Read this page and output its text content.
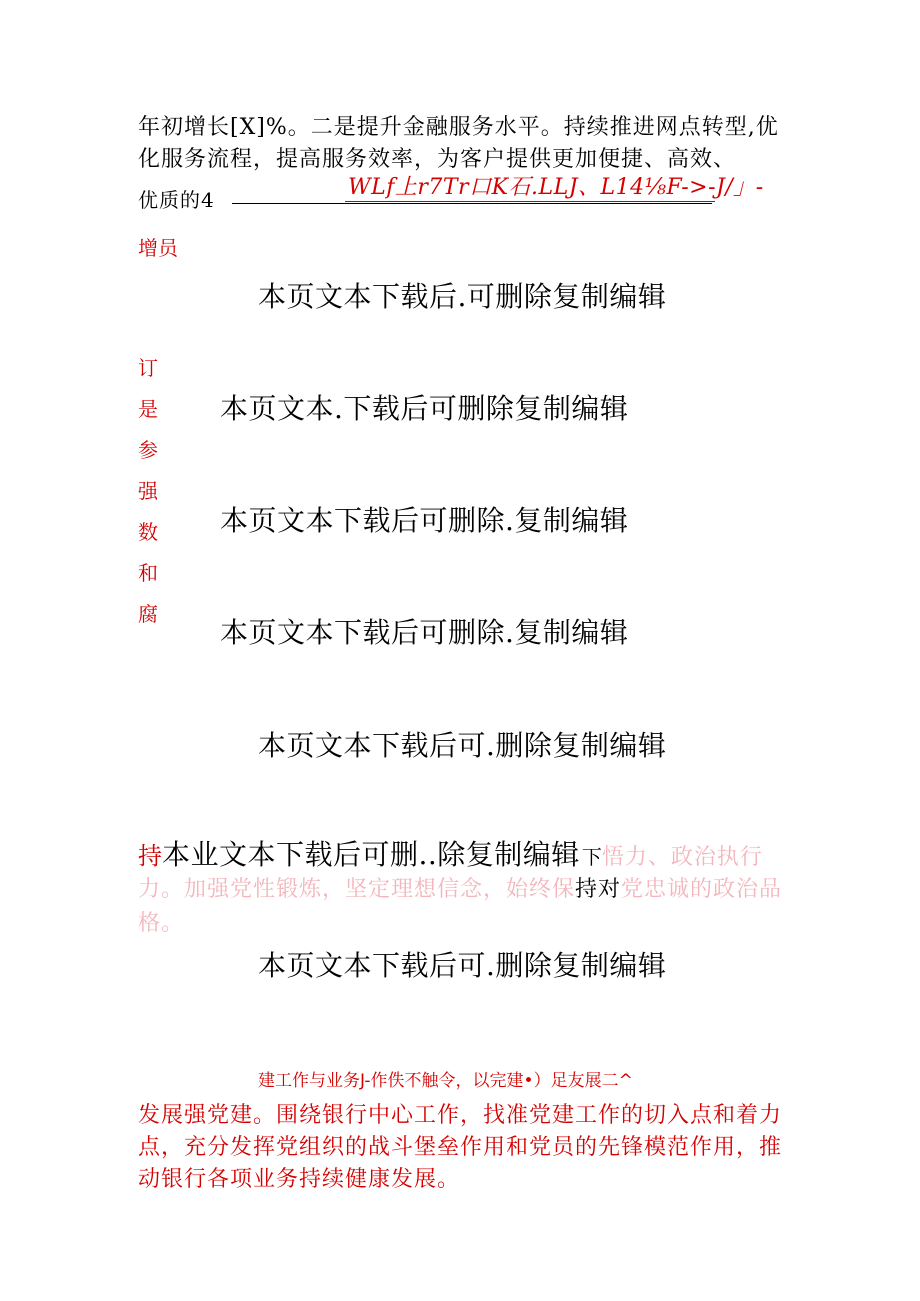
年初增长[X]%。二是提升金融服务水平。持续推进网点转型,优
化服务流程，提高服务效率，为客户提供更加便捷、高效、
优质的4	WLf上r7Tr口K石.LLJ、L14⅛F->-J/」-
增员
本页文本下载后.可删除复制编辑
订
是
参
强
数
和
腐
本页文本.下载后可删除复制编辑
本页文本下载后可删除.复制编辑
本页文本下载后可删除.复制编辑
本页文本下载后可.删除复制编辑
持 本业文本下载后可删..除复制编辑 下 悟力、政治执行
力。加强党性锻炼，坚定理想信念，始终保持对党忠诚的政治品
格。
本页文本下载后可.删除复制编辑
建工作与业务J-作佚不触令，以完建•）足友展二^
发展强党建。围绕银行中心工作，找准党建工作的切入点和着力
点，充分发挥党组织的战斗堡垒作用和党员的先锋模范作用，推
动银行各项业务持续健康发展。
